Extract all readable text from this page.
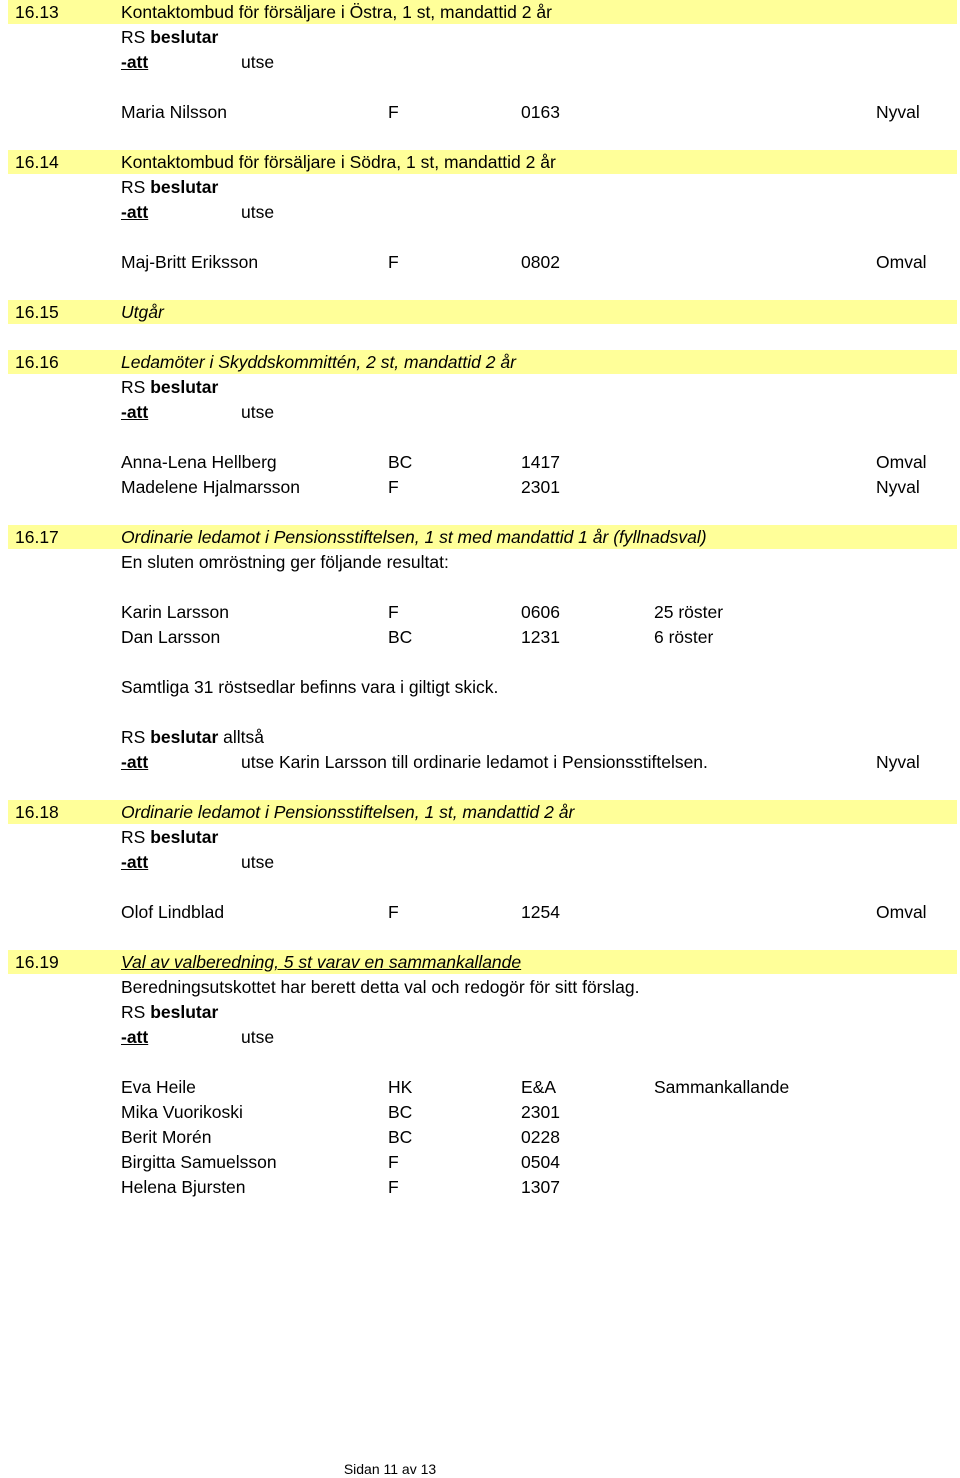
16.13	Kontaktombud för försäljare i Östra, 1 st, mandattid 2 år
RS beslutar
-att	utse
Maria Nilsson	F	0163	Nyval
16.14	Kontaktombud för försäljare i Södra, 1 st, mandattid 2 år
RS beslutar
-att	utse
Maj-Britt Eriksson	F	0802	Omval
16.15	Utgår
16.16	Ledamöter i Skyddskommittén, 2 st, mandattid 2 år
RS beslutar
-att	utse
Anna-Lena Hellberg	BC	1417	Omval
Madelene Hjalmarsson	F	2301	Nyval
16.17	Ordinarie ledamot i Pensionsstiftelsen, 1 st med mandattid 1 år (fyllnadsval)
En sluten omröstning ger följande resultat:
Karin Larsson	F	0606	25 röster
Dan Larsson	BC	1231	6 röster
Samtliga 31 röstsedlar befinns vara i giltigt skick.
RS beslutar alltså
-att	utse Karin Larsson till ordinarie ledamot i Pensionsstiftelsen.	Nyval
16.18	Ordinarie ledamot i Pensionsstiftelsen, 1 st, mandattid 2 år
RS beslutar
-att	utse
Olof Lindblad	F	1254	Omval
16.19	Val av valberedning, 5 st varav en sammankallande
Beredningsutskottet har berett detta val och redogör för sitt förslag.
RS beslutar
-att	utse
Eva Heile	HK	E&A	Sammankallande
Mika Vuorikoski	BC	2301
Berit Morén	BC	0228
Birgitta Samuelsson	F	0504
Helena Bjursten	F	1307
Sidan 11 av 13
